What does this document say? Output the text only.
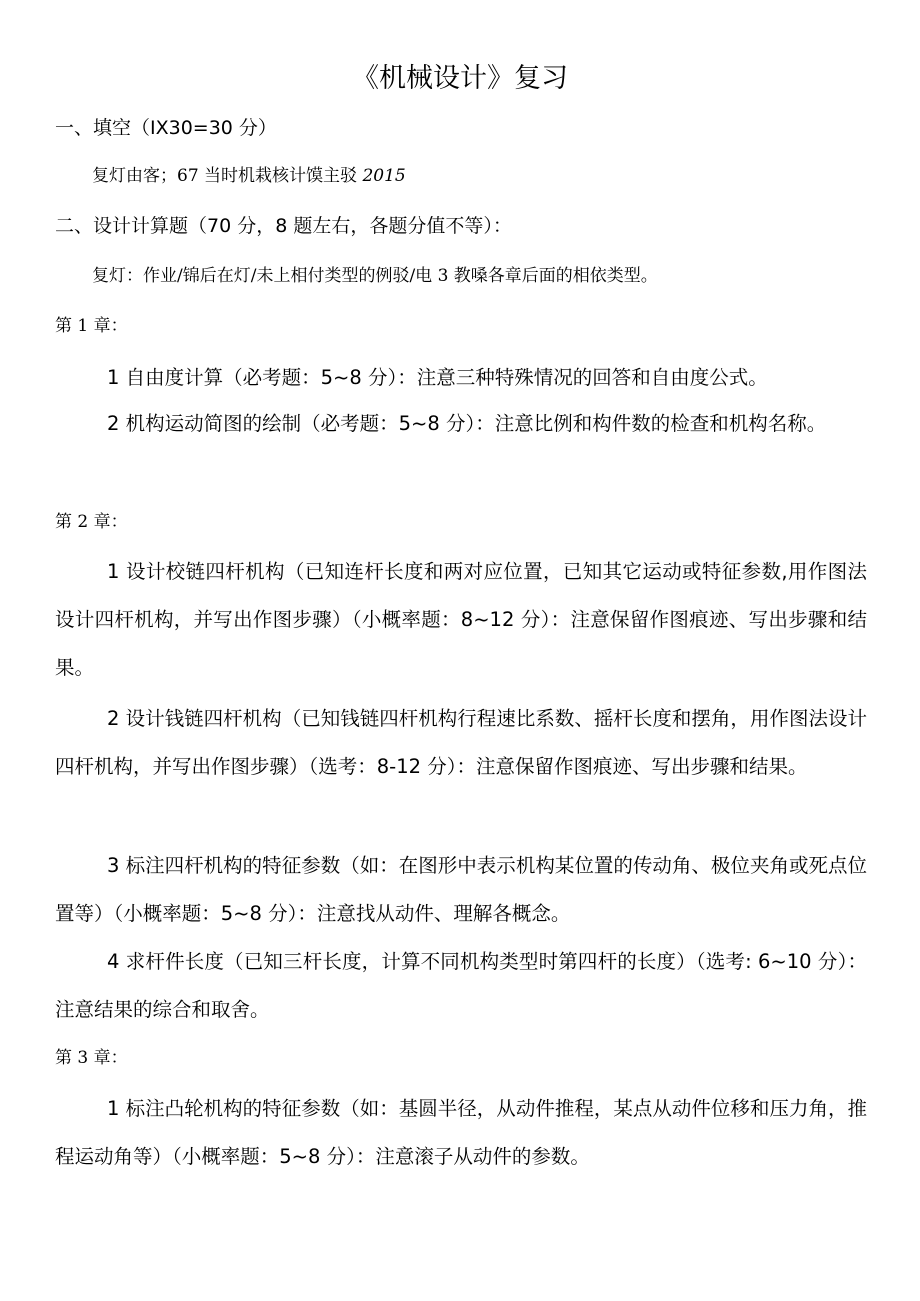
《机械设计》复习
一、填空（IX30=30 分）
复灯由客；67 当时机栽核计馍主驳 2015
二、设计计算题（70 分，8 题左右，各题分值不等）：
复灯：作业/锦后在灯/未上相付类型的例驳/电 3 教嗓各章后面的相依类型。
第 1 章：
1 自由度计算（必考题：5~8 分）：注意三种特殊情况的回答和自由度公式。
2 机构运动简图的绘制（必考题：5~8 分）：注意比例和构件数的检查和机构名称。
第 2 章：
1 设计校链四杆机构（已知连杆长度和两对应位置，已知其它运动或特征参数,用作图法设计四杆机构，并写出作图步骤）（小概率题：8~12 分）：注意保留作图痕迹、写出步骤和结果。
2 设计钱链四杆机构（已知钱链四杆机构行程速比系数、摇杆长度和摆角，用作图法设计四杆机构，并写出作图步骤）（选考：8-12 分）：注意保留作图痕迹、写出步骤和结果。
3 标注四杆机构的特征参数（如：在图形中表示机构某位置的传动角、极位夹角或死点位置等）（小概率题：5~8 分）：注意找从动件、理解各概念。
4 求杆件长度（已知三杆长度，计算不同机构类型时第四杆的长度）（选考: 6~10 分）：注意结果的综合和取舍。
第 3 章：
1 标注凸轮机构的特征参数（如：基圆半径，从动件推程，某点从动件位移和压力角，推程运动角等）（小概率题：5~8 分）：注意滚子从动件的参数。
